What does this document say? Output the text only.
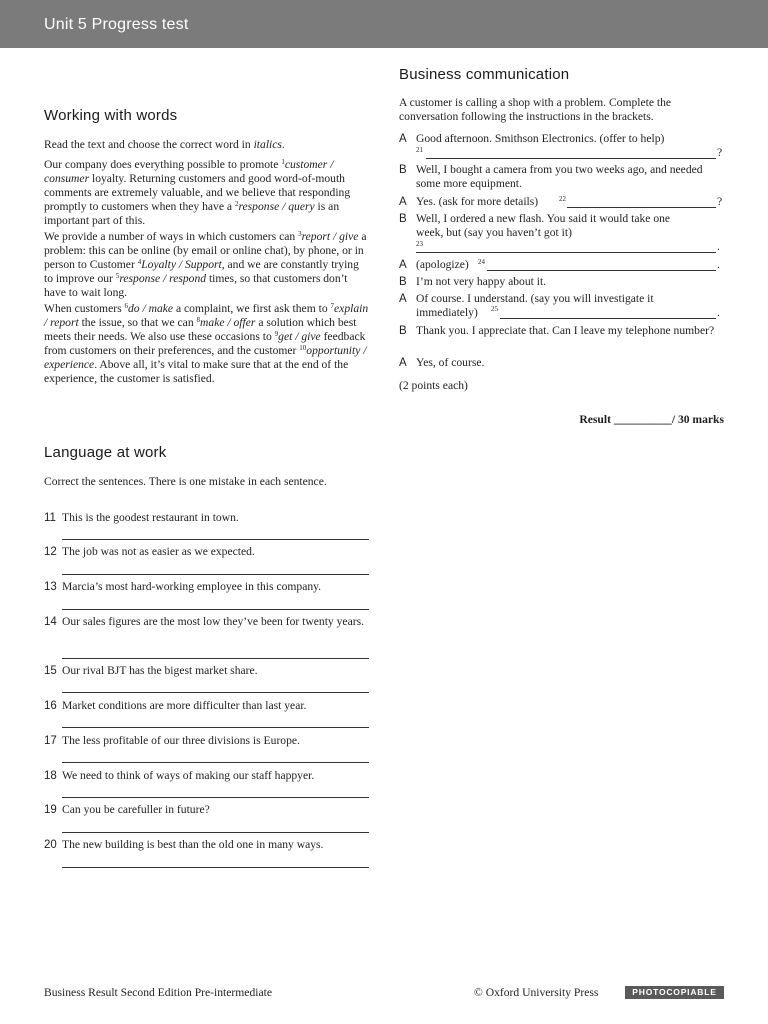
Unit 5 Progress test
Working with words
Read the text and choose the correct word in italics.
Our company does everything possible to promote $^1$customer / consumer loyalty. Returning customers and good word-of-mouth comments are extremely valuable, and we believe that responding promptly to customers when they have a $^2$response / query is an important part of this.
We provide a number of ways in which customers can $^3$report / give a problem: this can be online (by email or online chat), by phone, or in person to Customer $^4$Loyalty / Support, and we are constantly trying to improve our $^5$response / respond times, so that customers don’t have to wait long.
When customers $^6$do / make a complaint, we first ask them to $^7$explain / report the issue, so that we can $^8$make / offer a solution which best meets their needs. We also use these occasions to $^9$get / give feedback from customers on their preferences, and the customer $^{10}$opportunity / experience. Above all, it’s vital to make sure that at the end of the experience, the customer is satisfied.
Language at work
Correct the sentences. There is one mistake in each sentence.
11 This is the goodest restaurant in town.
12 The job was not as easier as we expected.
13 Marcia’s most hard-working employee in this company.
14 Our sales figures are the most low they’ve been for twenty years.
15 Our rival BJT has the bigest market share.
16 Market conditions are more difficulter than last year.
17 The less profitable of our three divisions is Europe.
18 We need to think of ways of making our staff happyer.
19 Can you be carefuller in future?
20 The new building is best than the old one in many ways.
Business communication
A customer is calling a shop with a problem. Complete the conversation following the instructions in the brackets.
A Good afternoon. Smithson Electronics. (offer to help)
21	?
B Well, I bought a camera from you two weeks ago, and needed some more equipment.
A Yes. (ask for more details)	22	?
B Well, I ordered a new flash. You said it would take one week, but (say you haven’t got it)
23	.
A (apologize)	24	.
B I’m not very happy about it.
A Of course. I understand. (say you will investigate it immediately)	25	.
B Thank you. I appreciate that. Can I leave my telephone number?
A Yes, of course.
(2 points each)
Result __________/ 30 marks
Business Result Second Edition Pre-intermediate	© Oxford University Press	PHOTOCOPIABLE
